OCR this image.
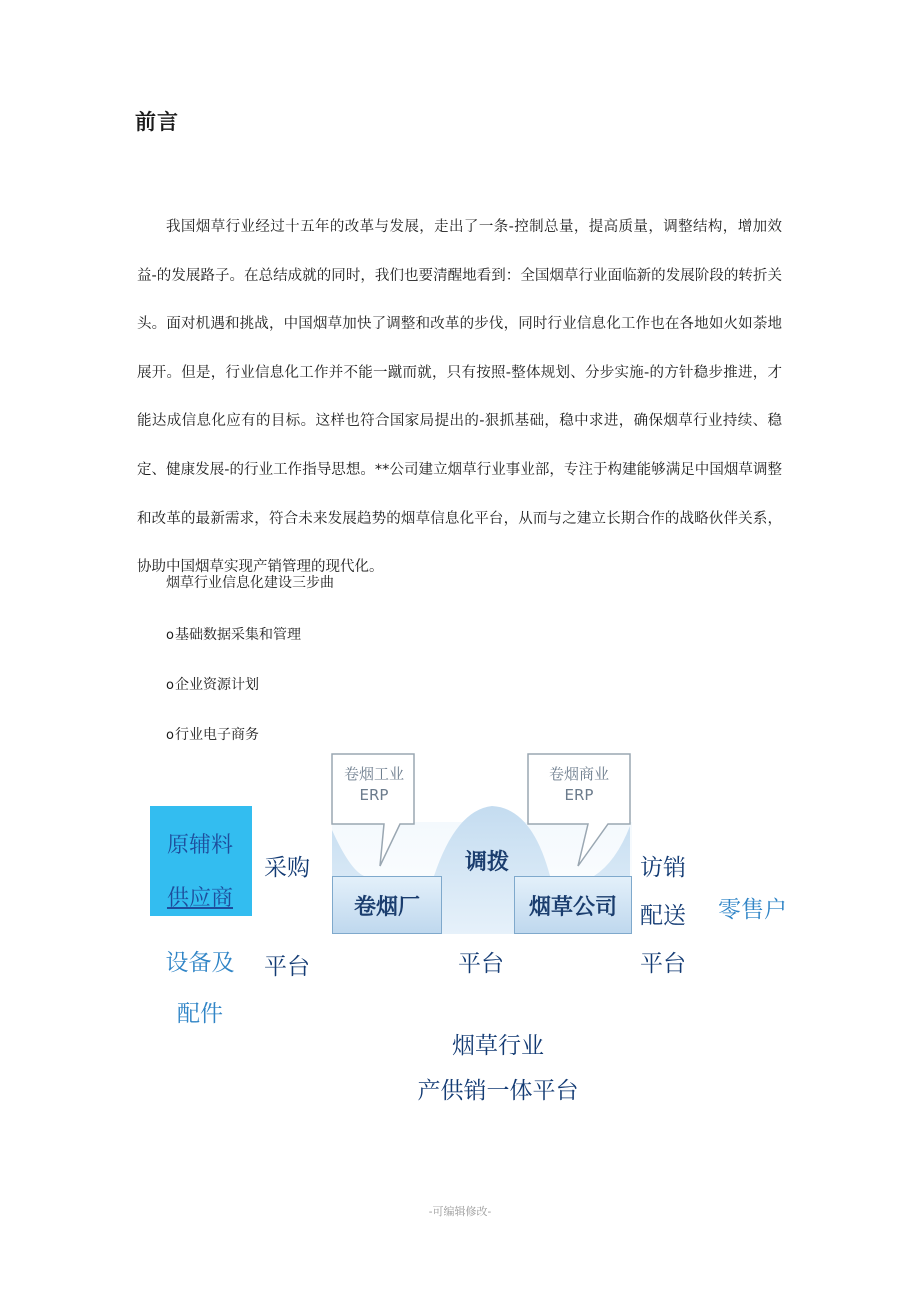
前言

我国烟草行业经过十五年的改革与发展，走出了一条‑控制总量，提高质量，调整结构，增加效益‑的发展路子。在总结成就的同时，我们也要清醒地看到：全国烟草行业面临新的发展阶段的转折关头。面对机遇和挑战，中国烟草加快了调整和改革的步伐，同时行业信息化工作也在各地如火如荼地展开。但是，行业信息化工作并不能一蹴而就，只有按照‑整体规划、分步实施‑的方针稳步推进，才能达成信息化应有的目标。这样也符合国家局提出的‑狠抓基础，稳中求进，确保烟草行业持续、稳定、健康发展‑的行业工作指导思想。**公司建立烟草行业事业部，专注于构建能够满足中国烟草调整和改革的最新需求，符合未来发展趋势的烟草信息化平台，从而与之建立长期合作的战略伙伴关系，协助中国烟草实现产销管理的现代化。

烟草行业信息化建设三步曲
o基础数据采集和管理
o企业资源计划
o行业电子商务
卷烟工业
ERP
卷烟商业
ERP
调拨
卷烟厂	烟草公司
原辅料
供应商
设备及
配件
采购
平台	平台
访销
配送
平台
零售户
烟草行业
产供销一体平台
-可编辑修改-
